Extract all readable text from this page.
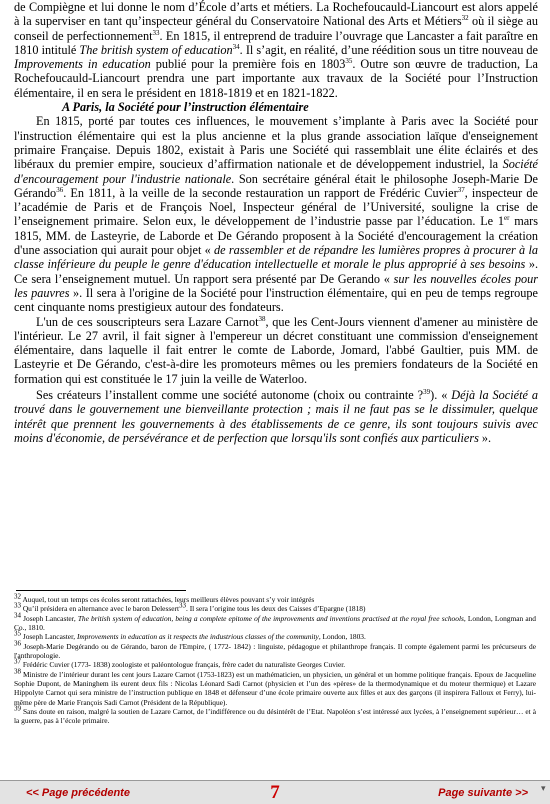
de Compiègne et lui donne le nom d’École d’arts et métiers. La Rochefoucauld-Liancourt est alors appelé à la superviser en tant qu’inspecteur général du Conservatoire National des Arts et Métiers$^{32}$ où il siège au conseil de perfectionnement$^{33}$. En 1815, il entreprend de traduire l’ouvrage que Lancaster a fait paraître en 1810 intitulé The british system of education$^{34}$. Il s’agit, en réalité, d’une réédition sous un titre nouveau de Improvements in education publié pour la première fois en 1803$^{35}$. Outre son œuvre de traduction, La Rochefoucauld-Liancourt prendra une part importante aux travaux de la Société pour l’Instruction élémentaire, il en sera le président en 1818-1819 et en 1821-1822.

A Paris, la Société pour l’instruction élémentaire

En 1815, porté par toutes ces influences, le mouvement s’implante à Paris avec la Société pour l'instruction élémentaire qui est la plus ancienne et la plus grande association laïque d'enseignement primaire Française. Depuis 1802, existait à Paris une Société qui rassemblait une élite éclairés et des libéraux du premier empire, soucieux d’affirmation nationale et de développement industriel, la Société d'encouragement pour l'industrie nationale. Son secrétaire général était le philosophe Joseph-Marie De Gérando$^{36}$. En 1811, à la veille de la seconde restauration un rapport de Frédéric Cuvier$^{37}$, inspecteur de l’académie de Paris et de François Noel, Inspecteur général de l’Université, souligne la crise de l’enseignement primaire. Selon eux, le développement de l’industrie passe par l’éducation. Le 1er mars 1815, MM. de Lasteyrie, de Laborde et De Gérando proposent à la Société d'encouragement la création d'une association qui aurait pour objet « de rassembler et de répandre les lumières propres à procurer à la classe inférieure du peuple le genre d'éducation intellectuelle et morale le plus approprié à ses besoins ». Ce sera l’enseignement mutuel. Un rapport sera présenté par De Gerando « sur les nouvelles écoles pour les pauvres ». Il sera à l'origine de la Société pour l'instruction élémentaire, qui en peu de temps regroupe cent cinquante noms prestigieux autour des fondateurs.

L'un de ces souscripteurs sera Lazare Carnot$^{38}$, que les Cent-Jours viennent d'amener au ministère de l'intérieur. Le 27 avril, il fait signer à l'empereur un décret constituant une commission d'enseignement élémentaire, dans laquelle il fait entrer le comte de Laborde, Jomard, l'abbé Gaultier, puis MM. de Lasteyrie et De Gérando, c'est-à-dire les promoteurs mêmes ou les premiers fondateurs de la Société en formation qui est constituée le 17 juin la veille de Waterloo.

Ses créateurs l’installent comme une société autonome (choix ou contrainte ?$^{39}$). « Déjà la Société a trouvé dans le gouvernement une bienveillante protection ; mais il ne faut pas se le dissimuler, quelque intérêt que prennent les gouvernements à des établissements de ce genre, ils sont toujours suivis avec moins d'économie, de persévérance et de perfection que lorsqu'ils sont confiés aux particuliers ».

$^{32}$ Auquel, tout un temps ces écoles seront rattachées, leurs meilleurs élèves pouvant s’y voir intégrés

$^{33}$ Qu’il présidera en alternance avec le baron Delessert$^{33}$. Il sera l’origine tous les deux des Caisses d’Epargne (1818)

$^{34}$ Joseph Lancaster, The british system of education, being a complete epitome of the improvements and inventions practised at the royal free schools, London, Longman and Co., 1810.

$^{35}$ Joseph Lancaster, Improvements in education as it respects the industrious classes of the community, London, 1803.

$^{36}$ Joseph-Marie Degérando ou de Gérando, baron de l'Empire, ( 1772- 1842) : linguiste, pédagogue et philanthrope français. Il compte également parmi les précurseurs de l'anthropologie.

$^{37}$ Frédéric Cuvier (1773- 1838) zoologiste et paléontologue français, frère cadet du naturaliste Georges Cuvier.

$^{38}$ Ministre de l’intérieur durant les cent jours Lazare Carnot (1753-1823) est un mathématicien, un physicien, un général et un homme politique français. Epoux de Jacqueline Sophie Dupont, de Maninghem ils eurent deux fils : Nicolas Léonard Sadi Carnot (physicien et l’un des «pères» de la thermodynamique et du moteur thermique) et Lazare Hippolyte Carnot qui sera ministre de l’instruction publique en 1848 et défenseur d’une école primaire ouverte aux filles et aux des garçons (il inspirera Falloux et Ferry), lui-même père de Marie François Sadi Carnot (Président de la République).

$^{39}$ Sans doute en raison, malgré la soutien de Lazare Carnot, de l’indifférence ou du désintérêt de l’Etat. Napoléon s’est intéressé aux lycées, à l’enseignement supérieur… et à la guerre, pas à l’école primaire.

<< Page précédente	7	Page suivante >> ▾
